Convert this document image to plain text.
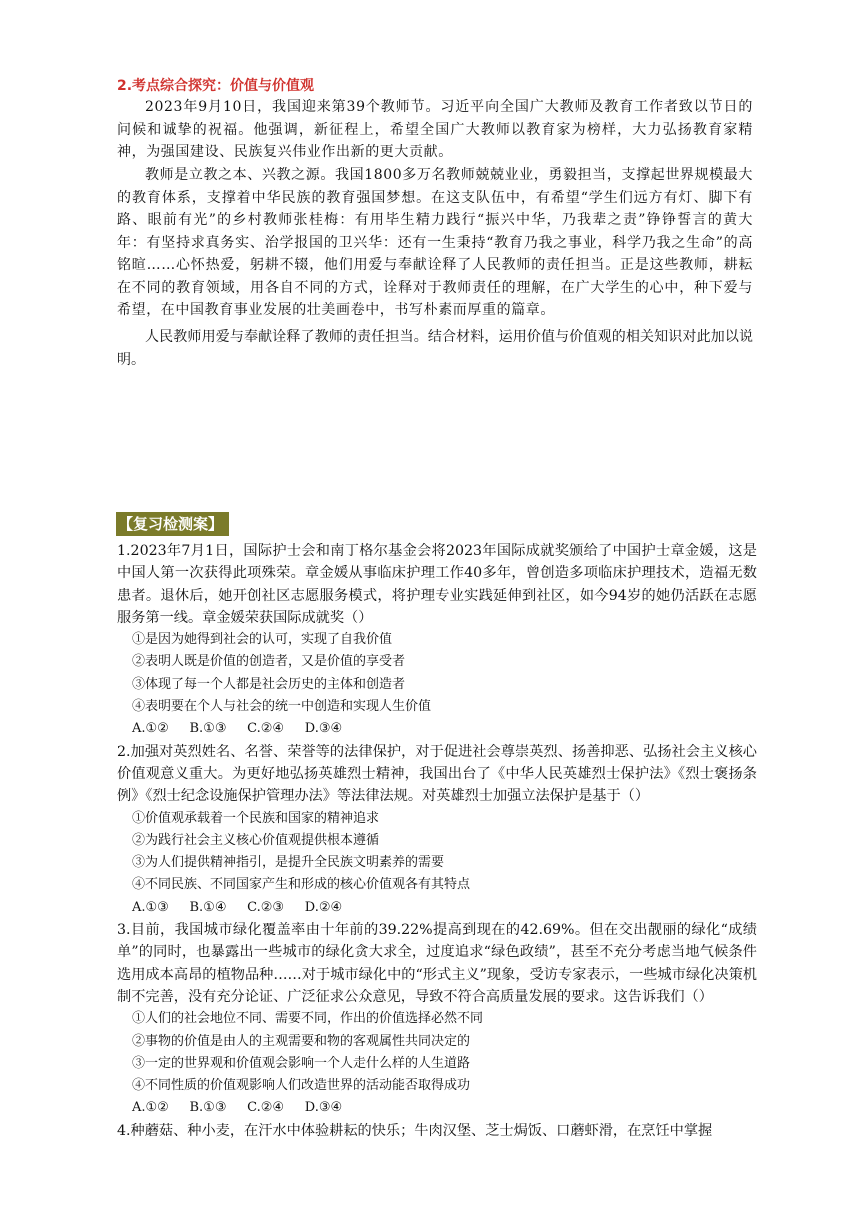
2.考点综合探究：价值与价值观

2023年9月10日，我国迎来第39个教师节。习近平向全国广大教师及教育工作者致以节日的问候和诚挚的祝福。他强调，新征程上，希望全国广大教师以教育家为榜样，大力弘扬教育家精神，为强国建设、民族复兴伟业作出新的更大贡献。

教师是立教之本、兴教之源。我国1800多万名教师兢兢业业，勇毅担当，支撑起世界规模最大的教育体系，支撑着中华民族的教育强国梦想。在这支队伍中，有希望“学生们远方有灯、脚下有路、眼前有光”的乡村教师张桂梅：有用毕生精力践行“振兴中华，乃我辈之责”铮铮誓言的黄大年：有坚持求真务实、治学报国的卫兴华：还有一生秉持“教育乃我之事业，科学乃我之生命”的高铭暄……心怀热爱，躬耕不辍，他们用爱与奉献诠释了人民教师的责任担当。正是这些教师，耕耘在不同的教育领域，用各自不同的方式，诠释对于教师责任的理解，在广大学生的心中，种下爱与希望，在中国教育事业发展的壮美画卷中，书写朴素而厚重的篇章。

人民教师用爱与奉献诠释了教师的责任担当。结合材料，运用价值与价值观的相关知识对此加以说明。

【复习检测案】

1.2023年7月1日，国际护士会和南丁格尔基金会将2023年国际成就奖颁给了中国护士章金媛，这是中国人第一次获得此项殊荣。章金媛从事临床护理工作40多年，曾创造多项临床护理技术，造福无数患者。退休后，她开创社区志愿服务模式，将护理专业实践延伸到社区，如今94岁的她仍活跃在志愿服务第一线。章金媛荣获国际成就奖（）

①是因为她得到社会的认可，实现了自我价值

②表明人既是价值的创造者，又是价值的享受者

③体现了每一个人都是社会历史的主体和创造者

④表明要在个人与社会的统一中创造和实现人生价值

A.①②     B.①③     C.②④     D.③④

2.加强对英烈姓名、名誉、荣誉等的法律保护，对于促进社会尊崇英烈、扬善抑恶、弘扬社会主义核心价值观意义重大。为更好地弘扬英雄烈士精神，我国出台了《中华人民英雄烈士保护法》《烈士褒扬条例》《烈士纪念设施保护管理办法》等法律法规。对英雄烈士加强立法保护是基于（）

①价值观承载着一个民族和国家的精神追求

②为践行社会主义核心价值观提供根本遵循

③为人们提供精神指引，是提升全民族文明素养的需要

④不同民族、不同国家产生和形成的核心价值观各有其特点

A.①③     B.①④     C.②③     D.②④

3.目前，我国城市绿化覆盖率由十年前的39.22%提高到现在的42.69%。但在交出靓丽的绿化“成绩单”的同时，也暴露出一些城市的绿化贪大求全，过度追求“绿色政绩”，甚至不充分考虑当地气候条件选用成本高昂的植物品种……对于城市绿化中的“形式主义”现象，受访专家表示，一些城市绿化决策机制不完善，没有充分论证、广泛征求公众意见，导致不符合高质量发展的要求。这告诉我们（）

①人们的社会地位不同、需要不同，作出的价值选择必然不同

②事物的价值是由人的主观需要和物的客观属性共同决定的

③一定的世界观和价值观会影响一个人走什么样的人生道路

④不同性质的价值观影响人们改造世界的活动能否取得成功

A.①②     B.①③     C.②④     D.③④

4.种蘑菇、种小麦，在汗水中体验耕耘的快乐；牛肉汉堡、芝士焗饭、口蘑虾滑，在烹饪中掌握
